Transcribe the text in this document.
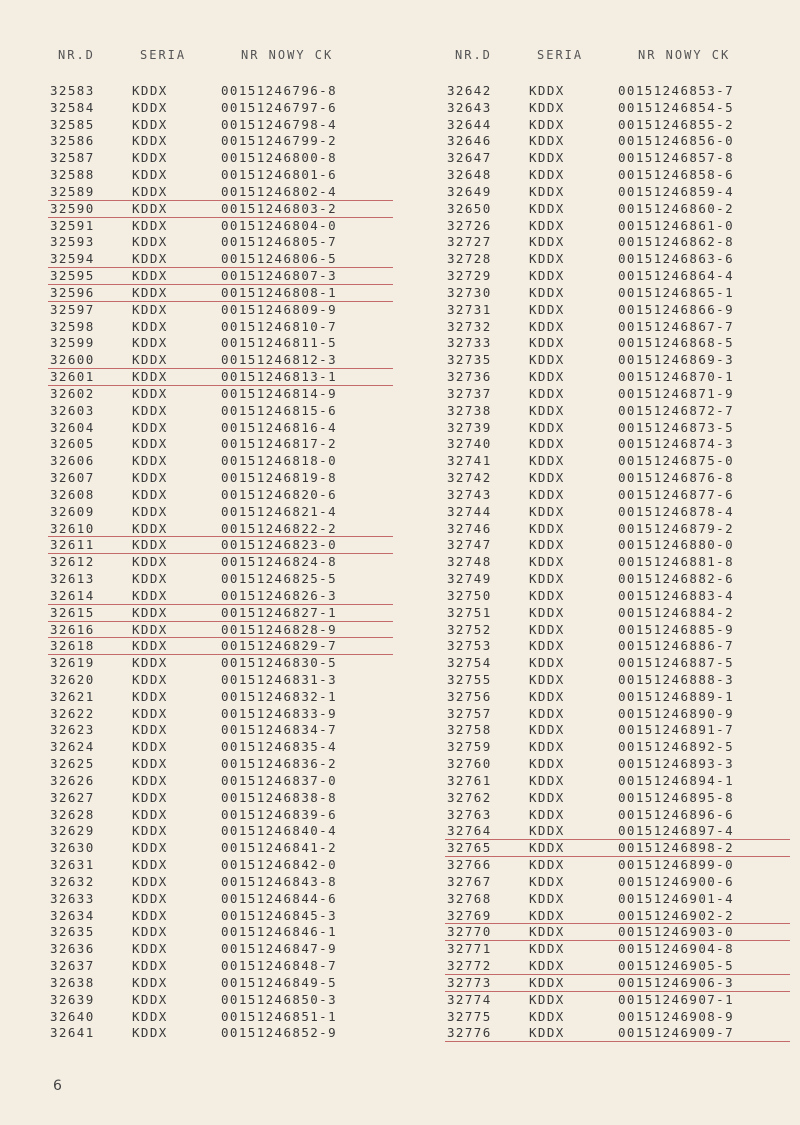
NR.D	SERIA	NR NOWY CK
32583	KDDX	00151246796-8
32584	KDDX	00151246797-6
32585	KDDX	00151246798-4
32586	KDDX	00151246799-2
32587	KDDX	00151246800-8
32588	KDDX	00151246801-6
32589	KDDX	00151246802-4
32590	KDDX	00151246803-2
32591	KDDX	00151246804-0
32593	KDDX	00151246805-7
32594	KDDX	00151246806-5
32595	KDDX	00151246807-3
32596	KDDX	00151246808-1
32597	KDDX	00151246809-9
32598	KDDX	00151246810-7
32599	KDDX	00151246811-5
32600	KDDX	00151246812-3
32601	KDDX	00151246813-1
32602	KDDX	00151246814-9
32603	KDDX	00151246815-6
32604	KDDX	00151246816-4
32605	KDDX	00151246817-2
32606	KDDX	00151246818-0
32607	KDDX	00151246819-8
32608	KDDX	00151246820-6
32609	KDDX	00151246821-4
32610	KDDX	00151246822-2
32611	KDDX	00151246823-0
32612	KDDX	00151246824-8
32613	KDDX	00151246825-5
32614	KDDX	00151246826-3
32615	KDDX	00151246827-1
32616	KDDX	00151246828-9
32618	KDDX	00151246829-7
32619	KDDX	00151246830-5
32620	KDDX	00151246831-3
32621	KDDX	00151246832-1
32622	KDDX	00151246833-9
32623	KDDX	00151246834-7
32624	KDDX	00151246835-4
32625	KDDX	00151246836-2
32626	KDDX	00151246837-0
32627	KDDX	00151246838-8
32628	KDDX	00151246839-6
32629	KDDX	00151246840-4
32630	KDDX	00151246841-2
32631	KDDX	00151246842-0
32632	KDDX	00151246843-8
32633	KDDX	00151246844-6
32634	KDDX	00151246845-3
32635	KDDX	00151246846-1
32636	KDDX	00151246847-9
32637	KDDX	00151246848-7
32638	KDDX	00151246849-5
32639	KDDX	00151246850-3
32640	KDDX	00151246851-1
32641	KDDX	00151246852-9
NR.D	SERIA	NR NOWY CK
32642	KDDX	00151246853-7
32643	KDDX	00151246854-5
32644	KDDX	00151246855-2
32646	KDDX	00151246856-0
32647	KDDX	00151246857-8
32648	KDDX	00151246858-6
32649	KDDX	00151246859-4
32650	KDDX	00151246860-2
32726	KDDX	00151246861-0
32727	KDDX	00151246862-8
32728	KDDX	00151246863-6
32729	KDDX	00151246864-4
32730	KDDX	00151246865-1
32731	KDDX	00151246866-9
32732	KDDX	00151246867-7
32733	KDDX	00151246868-5
32735	KDDX	00151246869-3
32736	KDDX	00151246870-1
32737	KDDX	00151246871-9
32738	KDDX	00151246872-7
32739	KDDX	00151246873-5
32740	KDDX	00151246874-3
32741	KDDX	00151246875-0
32742	KDDX	00151246876-8
32743	KDDX	00151246877-6
32744	KDDX	00151246878-4
32746	KDDX	00151246879-2
32747	KDDX	00151246880-0
32748	KDDX	00151246881-8
32749	KDDX	00151246882-6
32750	KDDX	00151246883-4
32751	KDDX	00151246884-2
32752	KDDX	00151246885-9
32753	KDDX	00151246886-7
32754	KDDX	00151246887-5
32755	KDDX	00151246888-3
32756	KDDX	00151246889-1
32757	KDDX	00151246890-9
32758	KDDX	00151246891-7
32759	KDDX	00151246892-5
32760	KDDX	00151246893-3
32761	KDDX	00151246894-1
32762	KDDX	00151246895-8
32763	KDDX	00151246896-6
32764	KDDX	00151246897-4
32765	KDDX	00151246898-2
32766	KDDX	00151246899-0
32767	KDDX	00151246900-6
32768	KDDX	00151246901-4
32769	KDDX	00151246902-2
32770	KDDX	00151246903-0
32771	KDDX	00151246904-8
32772	KDDX	00151246905-5
32773	KDDX	00151246906-3
32774	KDDX	00151246907-1
32775	KDDX	00151246908-9
32776	KDDX	00151246909-7
6
